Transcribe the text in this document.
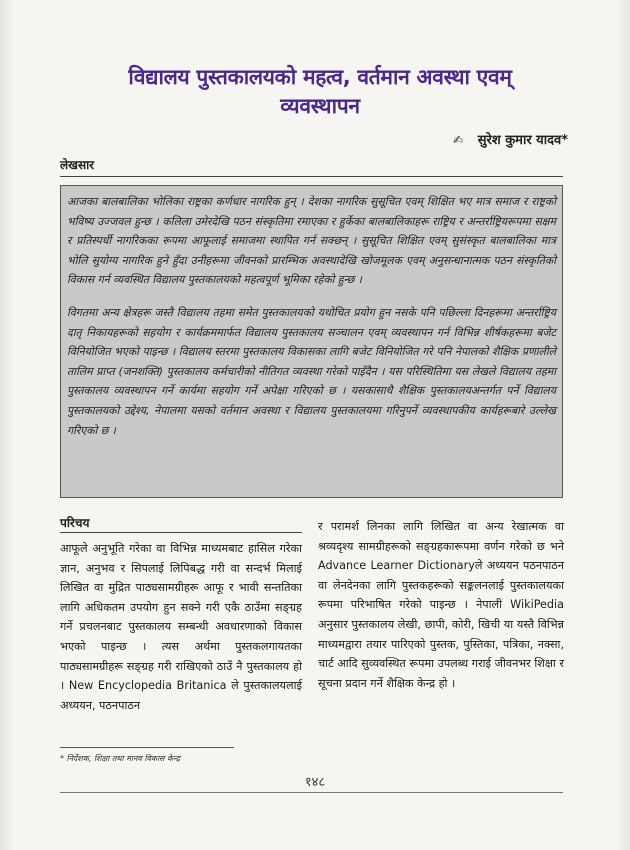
विद्यालय पुस्तकालयको महत्व, वर्तमान अवस्था एवम्
व्यवस्थापन
✍ सुरेश कुमार यादव*
लेखसार

आजका बालबालिका भोलिका राष्ट्रका कर्णधार नागरिक हुन् । देशका नागरिक सुसूचित एवम् शिक्षित भए मात्र समाज र राष्ट्रको भविष्य उज्जवल हुन्छ । कलिला उमेरदेखि पठन संस्कृतिमा रमाएका र हुर्केका बालबालिकाहरू राष्ट्रिय र अन्तर्राष्ट्रियरूपमा सक्षम र प्रतिस्पर्धी नागरिकका रूपमा आफूलाई समाजमा स्थापित गर्न सक्छन् । सुसूचित शिक्षित एवम् सुसंस्कृत बालबालिका मात्र भोलि सुयोग्य नागरिक हुने हुँदा उनीहरूमा जीवनको प्रारम्भिक अवस्थादेखि खोजमूलक एवम् अनुसन्धानात्मक पठन संस्कृतिको विकास गर्न व्यवस्थित विद्यालय पुस्तकालयको महत्वपूर्ण भूमिका रहेको हुन्छ ।

विगतमा अन्य क्षेत्रहरू जस्तै विद्यालय तहमा समेत पुस्तकालयको यथोचित प्रयोग हुन नसके पनि पछिल्ला दिनहरूमा अन्तर्राष्ट्रिय दातृ निकायहरूको सहयोग र कार्यक्रममार्फत विद्यालय पुस्तकालय सञ्चालन एवम् व्यवस्थापन गर्न विभिन्न शीर्षकहरूमा बजेट विनियोजित भएको पाइन्छ । विद्यालय स्तरमा पुस्तकालय विकासका लागि बजेट विनियोजित गरे पनि नेपालको शैक्षिक प्रणालीले तालिम प्राप्त (जनशक्ति) पुस्तकालय कर्मचारीको नीतिगत व्यवस्था गरेको पाइँदैन । यस परिस्थितिमा यस लेखले विद्यालय तहमा पुस्तकालय व्यवस्थापन गर्ने कार्यमा सहयोग गर्ने अपेक्षा गरिएको छ । यसकासाथै शैक्षिक पुस्तकालयअन्तर्गत पर्ने विद्यालय पुस्तकालयको उद्देश्य, नेपालमा यसको वर्तमान अवस्था र विद्यालय पुस्तकालयमा गरिनुपर्ने व्यवस्थापकीय कार्यहरूबारे उल्लेख गरिएको छ ।

परिचय
आफूले अनुभूति गरेका वा विभिन्न माध्यमबाट हासिल गरेका ज्ञान, अनुभव र सिपलाई लिपिबद्ध गरी वा सन्दर्भ मिलाई लिखित वा मुद्रित पाठ्यसामग्रीहरू आफू र भावी सन्ततिका लागि अधिकतम उपयोग हुन सक्ने गरी एकै ठाउँमा सङ्ग्रह गर्ने प्रचलनबाट पुस्तकालय सम्बन्धी अवधारणाको विकास भएको पाइन्छ । त्यस अर्थमा पुस्तकलगायतका पाठ्यसामग्रीहरू सङ्ग्रह गरी राखिएको ठाउँ नै पुस्तकालय हो । New Encyclopedia Britanica ले पुस्तकालयलाई अध्ययन, पठनपाठन
र परामर्श लिनका लागि लिखित वा अन्य रेखात्मक वा श्रव्यदृश्य सामग्रीहरूको सङ्ग्रहकारूपमा वर्णन गरेको छ भने Advance Learner Dictionaryले अध्ययन पठनपाठन वा लेनदेनका लागि पुस्तकहरूको सङ्कलनलाई पुस्तकालयका रूपमा परिभाषित गरेको पाइन्छ । नेपाली WikiPedia अनुसार पुस्तकालय लेखी, छापी, कोरी, खिची या यस्तै विभिन्न माध्यमद्वारा तयार पारिएको पुस्तक, पुस्तिका, पत्रिका, नक्सा, चार्ट आदि सुव्यवस्थित रूपमा उपलब्ध गराई जीवनभर शिक्षा र सूचना प्रदान गर्ने शैक्षिक केन्द्र हो ।
* निर्देशक, शिक्षा तथा मानव विकास केन्द्र
१४८
